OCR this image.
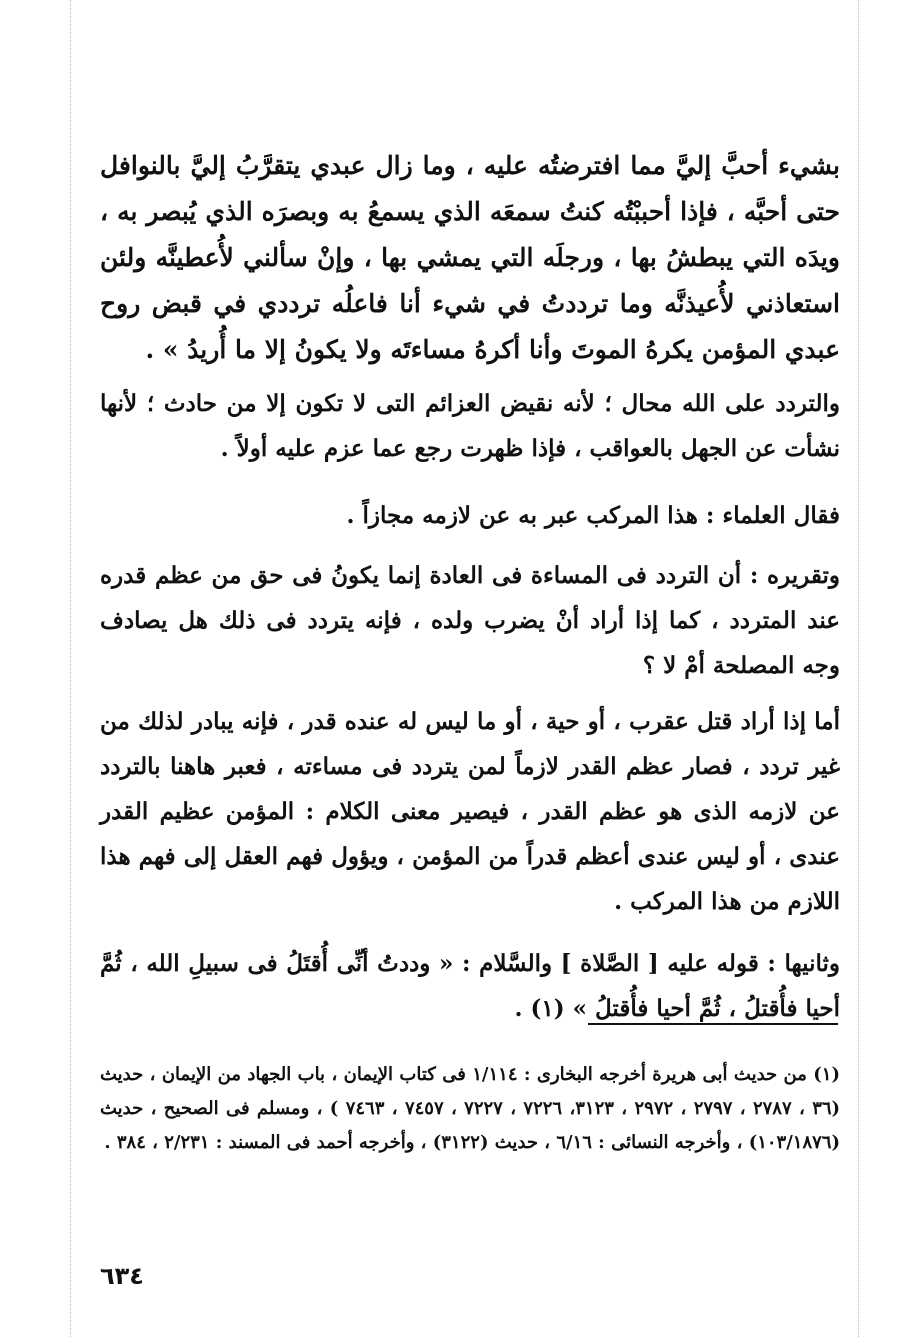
بشيء أحبَّ إليَّ مما افترضتُه عليه ، وما زال عبدي يتقرَّبُ إليَّ بالنوافل حتى أحبَّه ، فإذا أحببْتُه كنتُ سمعَه الذي يسمعُ به وبصرَه الذي يُبصر به ، ويدَه التي يبطشُ بها ، ورجلَه التي يمشي بها ، وإنْ سألني لأُعطينَّه ولئن استعاذني لأُعيذنَّه وما ترددتُ في شيء أنا فاعلُه ترددي في قبض روح عبدي المؤمن يكرهُ الموتَ وأنا أكرهُ مساءتَه ولا يكونُ إلا ما أُريدُ » .

والتردد على الله محال ؛ لأنه نقيض العزائم التى لا تكون إلا من حادث ؛ لأنها نشأت عن الجهل بالعواقب ، فإذا ظهرت رجع عما عزم عليه أولاً .

فقال العلماء : هذا المركب عبر به عن لازمه مجازاً .

وتقريره : أن التردد فى المساءة فى العادة إنما يكونُ فى حق من عظم قدره عند المتردد ، كما إذا أراد أنْ يضرب ولده ، فإنه يتردد فى ذلك هل يصادف وجه المصلحة أمْ لا ؟

أما إذا أراد قتل عقرب ، أو حية ، أو ما ليس له عنده قدر ، فإنه يبادر لذلك من غير تردد ، فصار عظم القدر لازماً لمن يتردد فى مساءته ، فعبر هاهنا بالتردد عن لازمه الذى هو عظم القدر ، فيصير معنى الكلام : المؤمن عظيم القدر عندى ، أو ليس عندى أعظم قدراً من المؤمن ، ويؤول فهم العقل إلى فهم هذا اللازم من هذا المركب .

وثانيها : قوله عليه [ الصَّلاة ] والسَّلام : « وددتُ أنِّى أُقتَلُ فى سبيلِ الله ، ثُمَّ أحيا فأُقتلُ ، ثُمَّ أحيا فأُقتلُ » (١) .

(١) من حديث أبى هريرة أخرجه البخارى : ١/١١٤ فى كتاب الإيمان ، باب الجهاد من الإيمان ، حديث (٣٦ ، ٢٧٨٧ ، ٢٧٩٧ ، ٢٩٧٢ ، ٣١٢٣، ٧٢٢٦ ، ٧٢٢٧ ، ٧٤٥٧ ، ٧٤٦٣ ) ، ومسلم فى الصحيح ، حديث (١٠٣/١٨٧٦) ، وأخرجه النسائى : ٦/١٦ ، حديث (٣١٢٢) ، وأخرجه أحمد فى المسند : ٢/٢٣١ ، ٣٨٤ .

٦٣٤
